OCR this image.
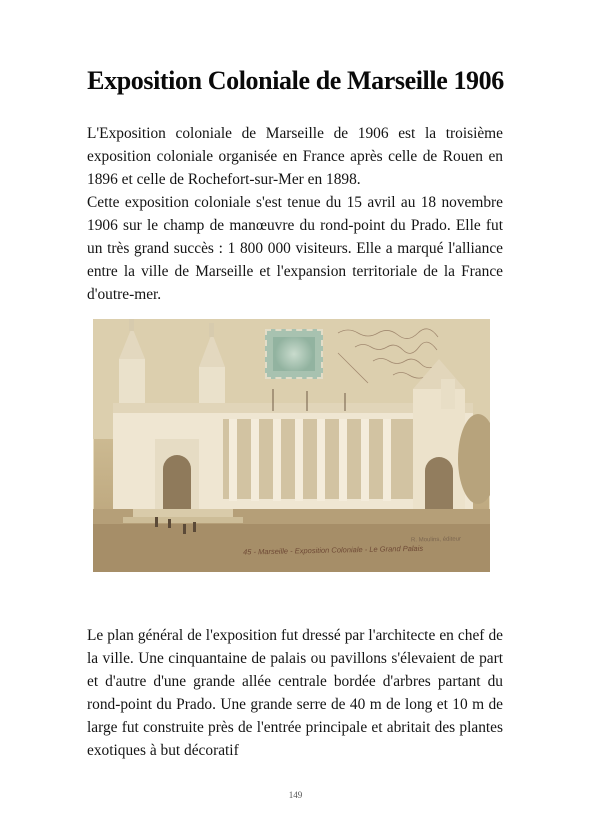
Exposition Coloniale de Marseille 1906

L'Exposition coloniale de Marseille de 1906 est la troisième exposition coloniale organisée en France après celle de Rouen en 1896 et celle de Rochefort-sur-Mer en 1898.

Cette exposition coloniale s'est tenue du 15 avril au 18 novembre 1906 sur le champ de manœuvre du rond-point du Prado. Elle fut un très grand succès : 1 800 000 visiteurs. Elle a marqué l'alliance entre la ville de Marseille et l'expansion territoriale de la France d'outre-mer.

R. Moulins, éditeur
45 - Marseille - Exposition Coloniale - Le Grand Palais

Le plan général de l'exposition fut dressé par l'architecte en chef de la ville. Une cinquantaine de palais ou pavillons s'élevaient de part et d'autre d'une grande allée centrale bordée d'arbres partant du rond-point du Prado. Une grande serre de 40 m de long et 10 m de large fut construite près de l'entrée principale et abritait des plantes exotiques à but décoratif

149
